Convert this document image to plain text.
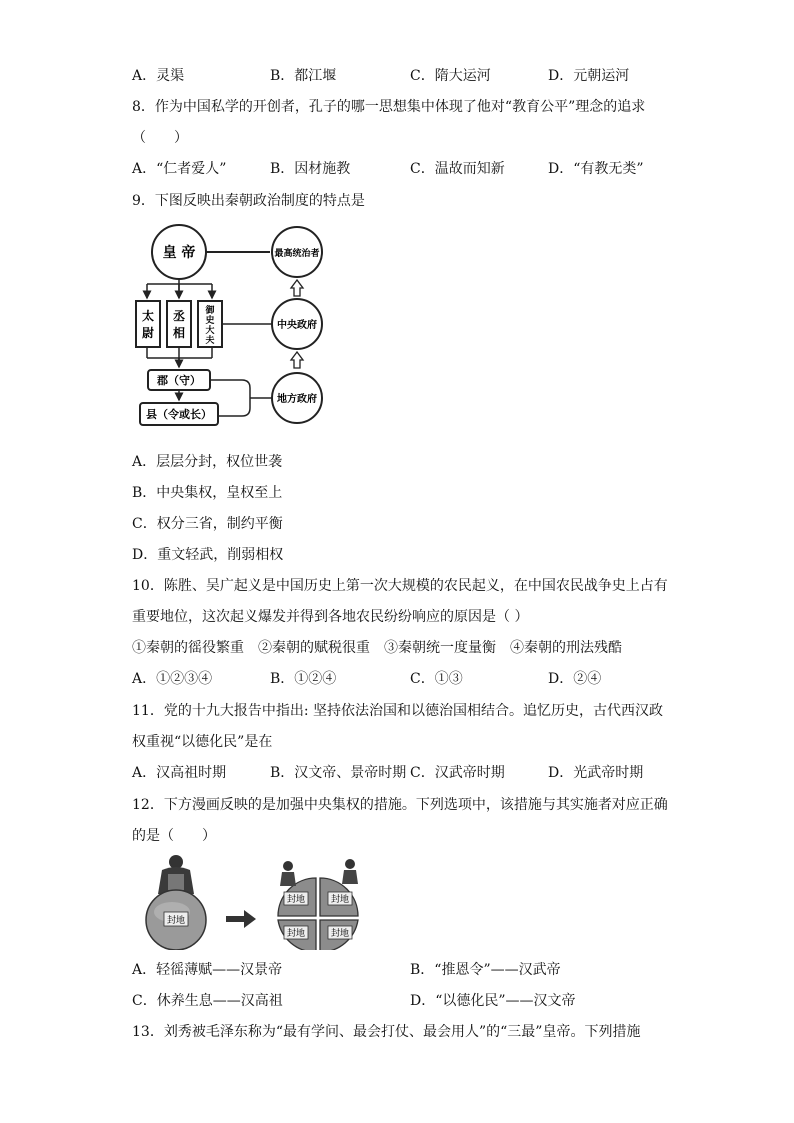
A．灵渠	B．都江堰	C．隋大运河	D．元朝运河
8．作为中国私学的开创者，孔子的哪一思想集中体现了他对“教育公平”理念的追求
（　　）
A．“仁者爱人”	B．因材施教	C．温故而知新	D．“有教无类”
9．下图反映出秦朝政治制度的特点是
皇 帝	最高统治者
中央政府
地方政府
太
尉
丞
相
御
史
大
夫
郡（守）
县（令或长）
A．层层分封，权位世袭
B．中央集权，皇权至上
C．权分三省，制约平衡
D．重文轻武，削弱相权
10．陈胜、吴广起义是中国历史上第一次大规模的农民起义，在中国农民战争史上占有
重要地位，这次起义爆发并得到各地农民纷纷响应的原因是（ ）
①秦朝的徭役繁重　②秦朝的赋税很重　③秦朝统一度量衡　④秦朝的刑法残酷
A．①②③④	B．①②④	C．①③	D．②④
11．党的十九大报告中指出: 坚持依法治国和以德治国相结合。追忆历史，古代西汉政
权重视“以德化民”是在
A．汉高祖时期	B．汉文帝、景帝时期 C．汉武帝时期	D．光武帝时期
12．下方漫画反映的是加强中央集权的措施。下列选项中，该措施与其实施者对应正确
的是（　　）
封地
封地	封地
封地	封地
A．轻徭薄赋——汉景帝	B．“推恩令”——汉武帝
C．休养生息——汉高祖	D．“以德化民”——汉文帝
13．刘秀被毛泽东称为“最有学问、最会打仗、最会用人”的“三最”皇帝。下列措施
